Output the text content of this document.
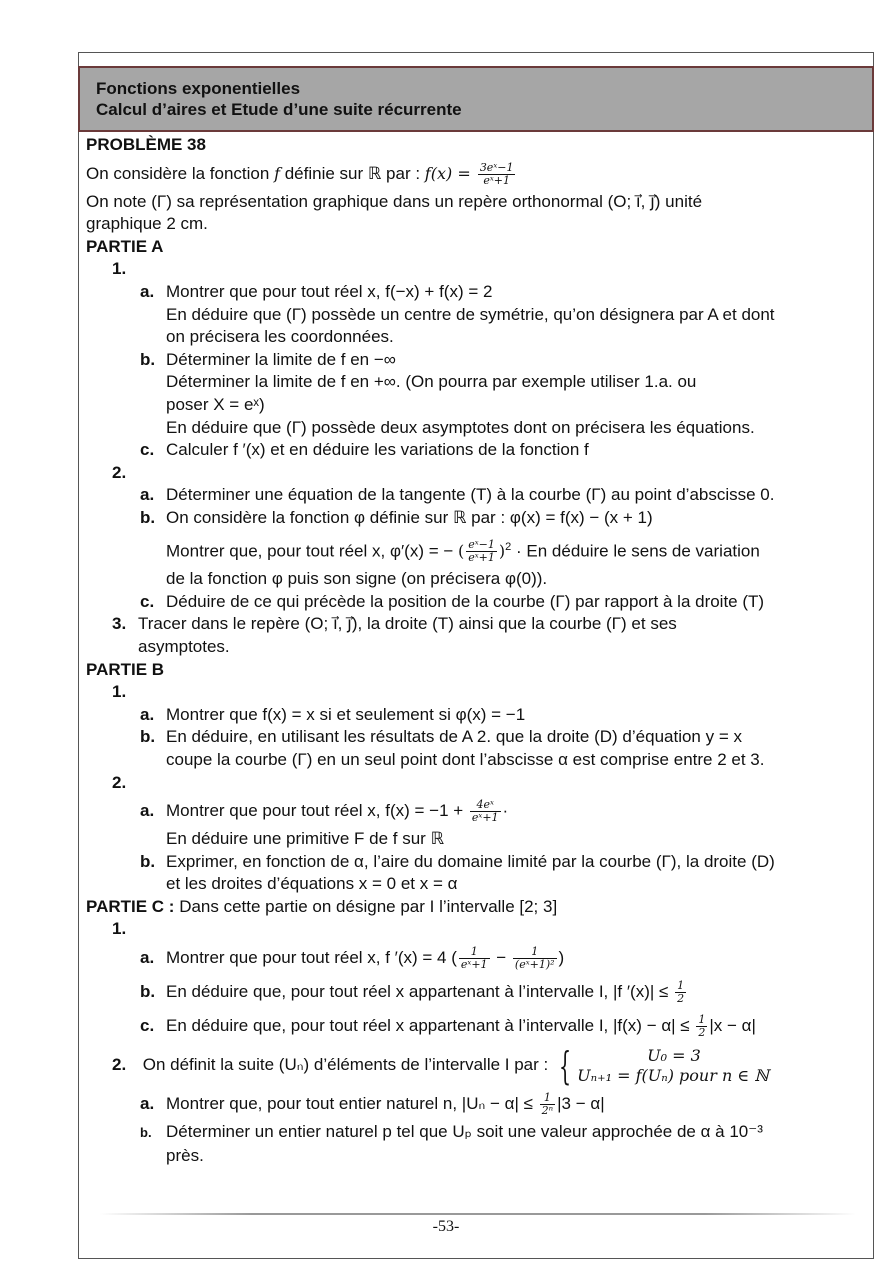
Fonctions exponentielles
Calcul d’aires et Etude d’une suite récurrente
PROBLÈME 38
On considère la fonction f définie sur ℝ par : $f(x) = \frac{\text{3eˣ−1}}{\text{eˣ+1}}$
On note (Γ) sa représentation graphique dans un repère orthonormal (O; i⃗, j⃗) unité
graphique 2 cm.
PARTIE A
1.
a. Montrer que pour tout réel x, f(−x) + f(x) = 2
En déduire que (Γ) possède un centre de symétrie, qu’on désignera par A et dont
on précisera les coordonnées.
b. Déterminer la limite de f en −∞
Déterminer la limite de f en +∞. (On pourra par exemple utiliser 1.a. ou
poser X = eˣ)
En déduire que (Γ) possède deux asymptotes dont on précisera les équations.
c. Calculer f ′(x) et en déduire les variations de la fonction f
2.
a. Déterminer une équation de la tangente (T) à la courbe (Γ) au point d’abscisse 0.
b. On considère la fonction φ définie sur ℝ par : φ(x) = f(x) − (x + 1)
Montrer que, pour tout réel x, φ′(x) = − ( $\frac{\text{eˣ−1}}{\text{eˣ+1}} )^2 \cdot En$ déduire le sens de variation
de la fonction φ puis son signe (on précisera φ(0)).
c. Déduire de ce qui précède la position de la courbe (Γ) par rapport à la droite (T)
3. Tracer dans le repère (O; i⃗, j⃗), la droite (T) ainsi que la courbe (Γ) et ses
asymptotes.
PARTIE B
1.
a. Montrer que f(x) = x si et seulement si φ(x) = −1
b. En déduire, en utilisant les résultats de A 2. que la droite (D) d’équation y = x
coupe la courbe (Γ) en un seul point dont l’abscisse α est comprise entre 2 et 3.
2.
a. Montrer que pour tout réel x, $f(x) = -1 + \frac{\text{4eˣ}}{\text{eˣ+1}}$ ·
En déduire une primitive F de f sur ℝ
b. Exprimer, en fonction de α, l’aire du domaine limité par la courbe (Γ), la droite (D)
et les droites d’équations x = 0 et x = α
PARTIE C : Dans cette partie on désigne par I l’intervalle [2; 3]
1.
a. Montrer que pour tout réel x, f ′(x) = 4 ( $\frac{1}{\text{eˣ+1}} - \frac{1}{\text{(eˣ+1)²}}$ )
b. En déduire que, pour tout réel x appartenant à l’intervalle I, |f $'(x)| \le \frac{1}{2}$
c. En déduire que, pour tout réel x appartenant à l’intervalle I, $|f(x) - \alpha| \le \frac{1}{2} |x - \alpha|$
2. On définit la suite (Uₙ) d’éléments de l’intervalle I par : {	U₀ = 3
Uₙ₊₁ = f(Uₙ) pour n ∈ ℕ
a. Montrer que, pour tout entier naturel n, $|U_n - \alpha| \le \frac{1}{\text{2ⁿ}} |3 - \alpha|$
b. Déterminer un entier naturel p tel que Uₚ soit une valeur approchée de α à 10⁻³
près.
-53-
